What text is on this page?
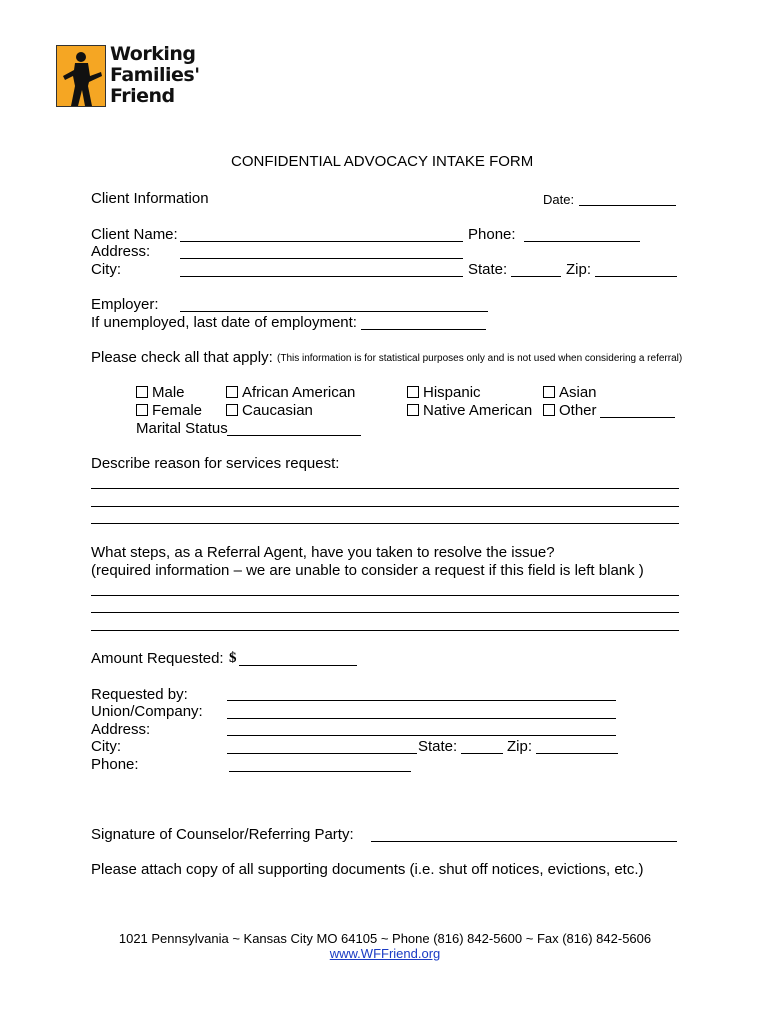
Working
Families'
Friend
CONFIDENTIAL ADVOCACY INTAKE FORM
Client Information	Date:
Client Name:	Phone:
Address:
City:	State:	Zip:
Employer:
If unemployed, last date of employment:
Please check all that apply: (This information is for statistical purposes only and is not used when considering a referral)
Male
Female
African American
Caucasian
Hispanic
Native American
Asian
Other
Marital Status
Describe reason for services request:
What steps, as a Referral Agent, have you taken to resolve the issue?
(required information – we are unable to consider a request if this field is left blank )
Amount Requested: $
Requested by:
Union/Company:
Address:
City:	State:	Zip:
Phone:
Signature of Counselor/Referring Party:
Please attach copy of all supporting documents (i.e. shut off notices, evictions, etc.)
1021 Pennsylvania ~ Kansas City MO 64105 ~ Phone (816) 842-5600 ~ Fax (816) 842-5606
www.WFFriend.org
